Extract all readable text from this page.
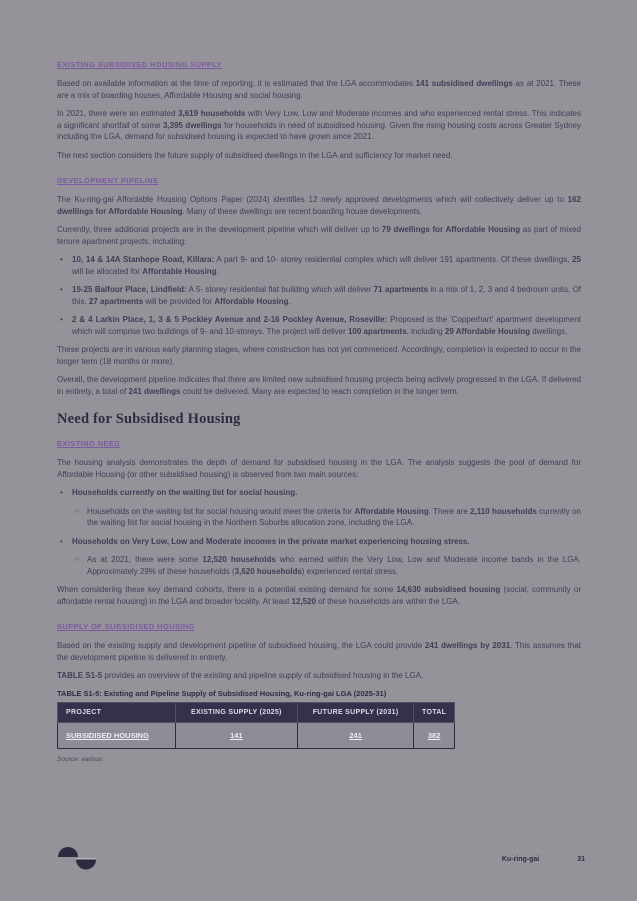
EXISTING SUBSIDISED HOUSING SUPPLY

Based on available information at the time of reporting, it is estimated that the LGA accommodates 141 subsidised dwellings as at 2021. These are a mix of boarding houses, Affordable Housing and social housing.

In 2021, there were an estimated 3,619 households with Very Low, Low and Moderate incomes and who experienced rental stress. This indicates a significant shortfall of some 3,395 dwellings for households in need of subsidised housing. Given the rising housing costs across Greater Sydney including the LGA, demand for subsidised housing is expected to have grown since 2021.

The next section considers the future supply of subsidised dwellings in the LGA and sufficiency for market need.

DEVELOPMENT PIPELINE

The Ku-ring-gai Affordable Housing Options Paper (2024) identifies 12 newly approved developments which will collectively deliver up to 162 dwellings for Affordable Housing. Many of these dwellings are recent boarding house developments.

Currently, three additional projects are in the development pipeline which will deliver up to 79 dwellings for Affordable Housing as part of mixed tenure apartment projects, including:

•	10, 14 & 14A Stanhope Road, Killara: A part 9- and 10- storey residential complex which will deliver 191 apartments. Of these dwellings, 25 will be allocated for Affordable Housing.
•	19-25 Balfour Place, Lindfield: A 5- storey residential flat building which will deliver 71 apartments in a mix of 1, 2, 3 and 4 bedroom units. Of this, 27 apartments will be provided for Affordable Housing.
•	2 & 4 Larkin Place, 1, 3 & 5 Pockley Avenue and 2-16 Pockley Avenue, Roseville: Proposed is the 'Copperhart' apartment development which will comprise two buildings of 9- and 10-storeys. The project will deliver 100 apartments, including 29 Affordable Housing dwellings.

These projects are in various early planning stages, where construction has not yet commenced. Accordingly, completion is expected to occur in the longer term (18 months or more).

Overall, the development pipeline indicates that there are limited new subsidised housing projects being actively progressed in the LGA. If delivered in entirety, a total of 241 dwellings could be delivered. Many are expected to reach completion in the longer term.

Need for Subsidised Housing
EXISTING NEED

The housing analysis demonstrates the depth of demand for subsidised housing in the LGA. The analysis suggests the pool of demand for Affordable Housing (or other subsidised housing) is observed from two main sources:

•	Households currently on the waiting list for social housing.
○ Households on the waiting list for social housing would meet the criteria for Affordable Housing. There are 2,110 households currently on the waiting list for social housing in the Northern Suburbs allocation zone, including the LGA.
•	Households on Very Low, Low and Moderate incomes in the private market experiencing housing stress.
○ As at 2021, there were some 12,520 households who earned within the Very Low, Low and Moderate income bands in the LGA. Approximately 29% of these households (3,620 households) experienced rental stress.

When considering these key demand cohorts, there is a potential existing demand for some 14,630 subsidised housing (social, community or affordable rental housing) in the LGA and broader locality. At least 12,520 of these households are within the LGA.

SUPPLY OF SUBSIDISED HOUSING

Based on the existing supply and development pipeline of subsidised housing, the LGA could provide 241 dwellings by 2031. This assumes that the development pipeline is delivered in entirety.

TABLE S1-5 provides an overview of the existing and pipeline supply of subsidised housing in the LGA.

TABLE S1-5: Existing and Pipeline Supply of Subsidised Housing, Ku-ring-gai LGA (2025-31)
PROJECT	EXISTING SUPPLY (2025)	FUTURE SUPPLY (2031)	TOTAL
SUBSIDISED HOUSING	141	241	382
Source: various
Ku-ring-gai	31
